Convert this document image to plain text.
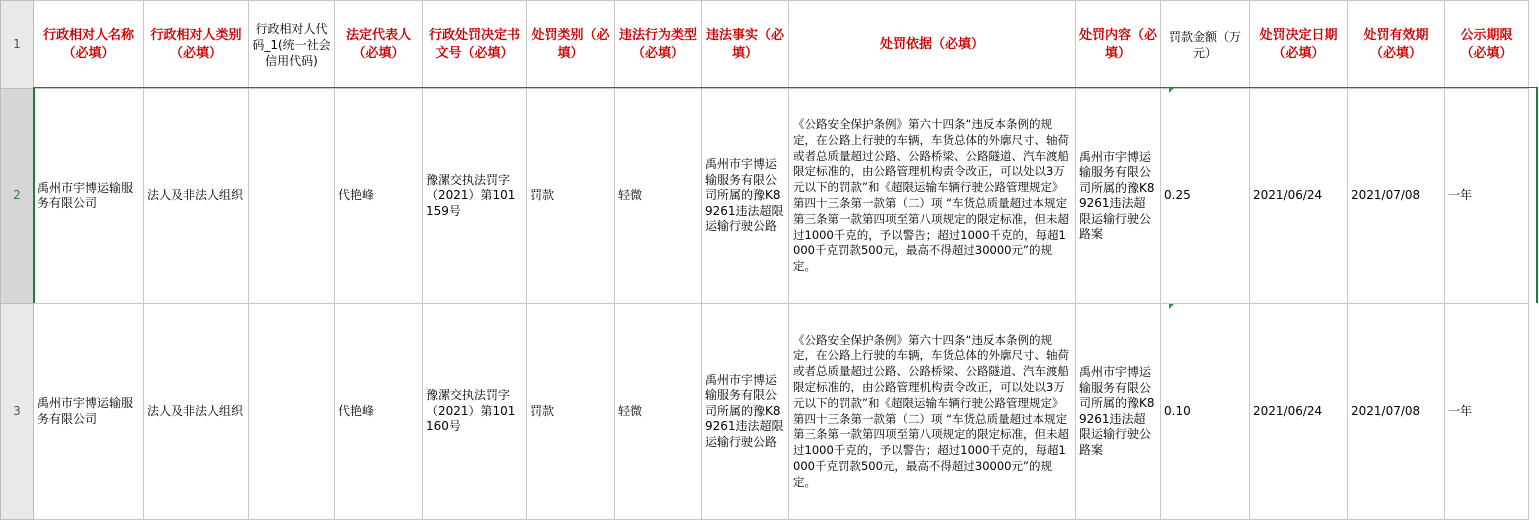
1	行政相对人名称（必填）	行政相对人类别（必填）	行政相对人代码_1(统一社会信用代码)	法定代表人（必填）	行政处罚决定书文号（必填）	处罚类别（必填）	违法行为类型（必填）	违法事实（必填）	处罚依据（必填）	处罚内容（必填）	罚款金额（万元）	处罚决定日期（必填）	处罚有效期（必填）	公示期限（必填）
2	禹州市宇博运输服务有限公司	法人及非法人组织		代艳峰	豫漯交执法罚字（2021）第101159号	罚款	轻微	禹州市宇博运输服务有限公司所属的豫K89261违法超限运输行驶公路	《公路安全保护条例》第六十四条“违反本条例的规定，在公路上行驶的车辆，车货总体的外廓尺寸、轴荷或者总质量超过公路、公路桥梁、公路隧道、汽车渡船限定标准的，由公路管理机构责令改正，可以处以3万元以下的罚款”和《超限运输车辆行驶公路管理规定》第四十三条第一款第（二）项 “车货总质量超过本规定第三条第一款第四项至第八项规定的限定标准，但未超过1000千克的，予以警告；超过1000千克的，每超1000千克罚款500元，最高不得超过30000元”的规定。	禹州市宇博运输服务有限公司所属的豫K89261违法超限运输行驶公路案	0.25	2021/06/24	2021/07/08	一年
3	禹州市宇博运输服务有限公司	法人及非法人组织		代艳峰	豫漯交执法罚字（2021）第101160号	罚款	轻微	禹州市宇博运输服务有限公司所属的豫K89261违法超限运输行驶公路	《公路安全保护条例》第六十四条“违反本条例的规定，在公路上行驶的车辆，车货总体的外廓尺寸、轴荷或者总质量超过公路、公路桥梁、公路隧道、汽车渡船限定标准的，由公路管理机构责令改正，可以处以3万元以下的罚款”和《超限运输车辆行驶公路管理规定》第四十三条第一款第（二）项 “车货总质量超过本规定第三条第一款第四项至第八项规定的限定标准，但未超过1000千克的，予以警告；超过1000千克的，每超1000千克罚款500元，最高不得超过30000元”的规定。	禹州市宇博运输服务有限公司所属的豫K89261违法超限运输行驶公路案	0.10	2021/06/24	2021/07/08	一年
